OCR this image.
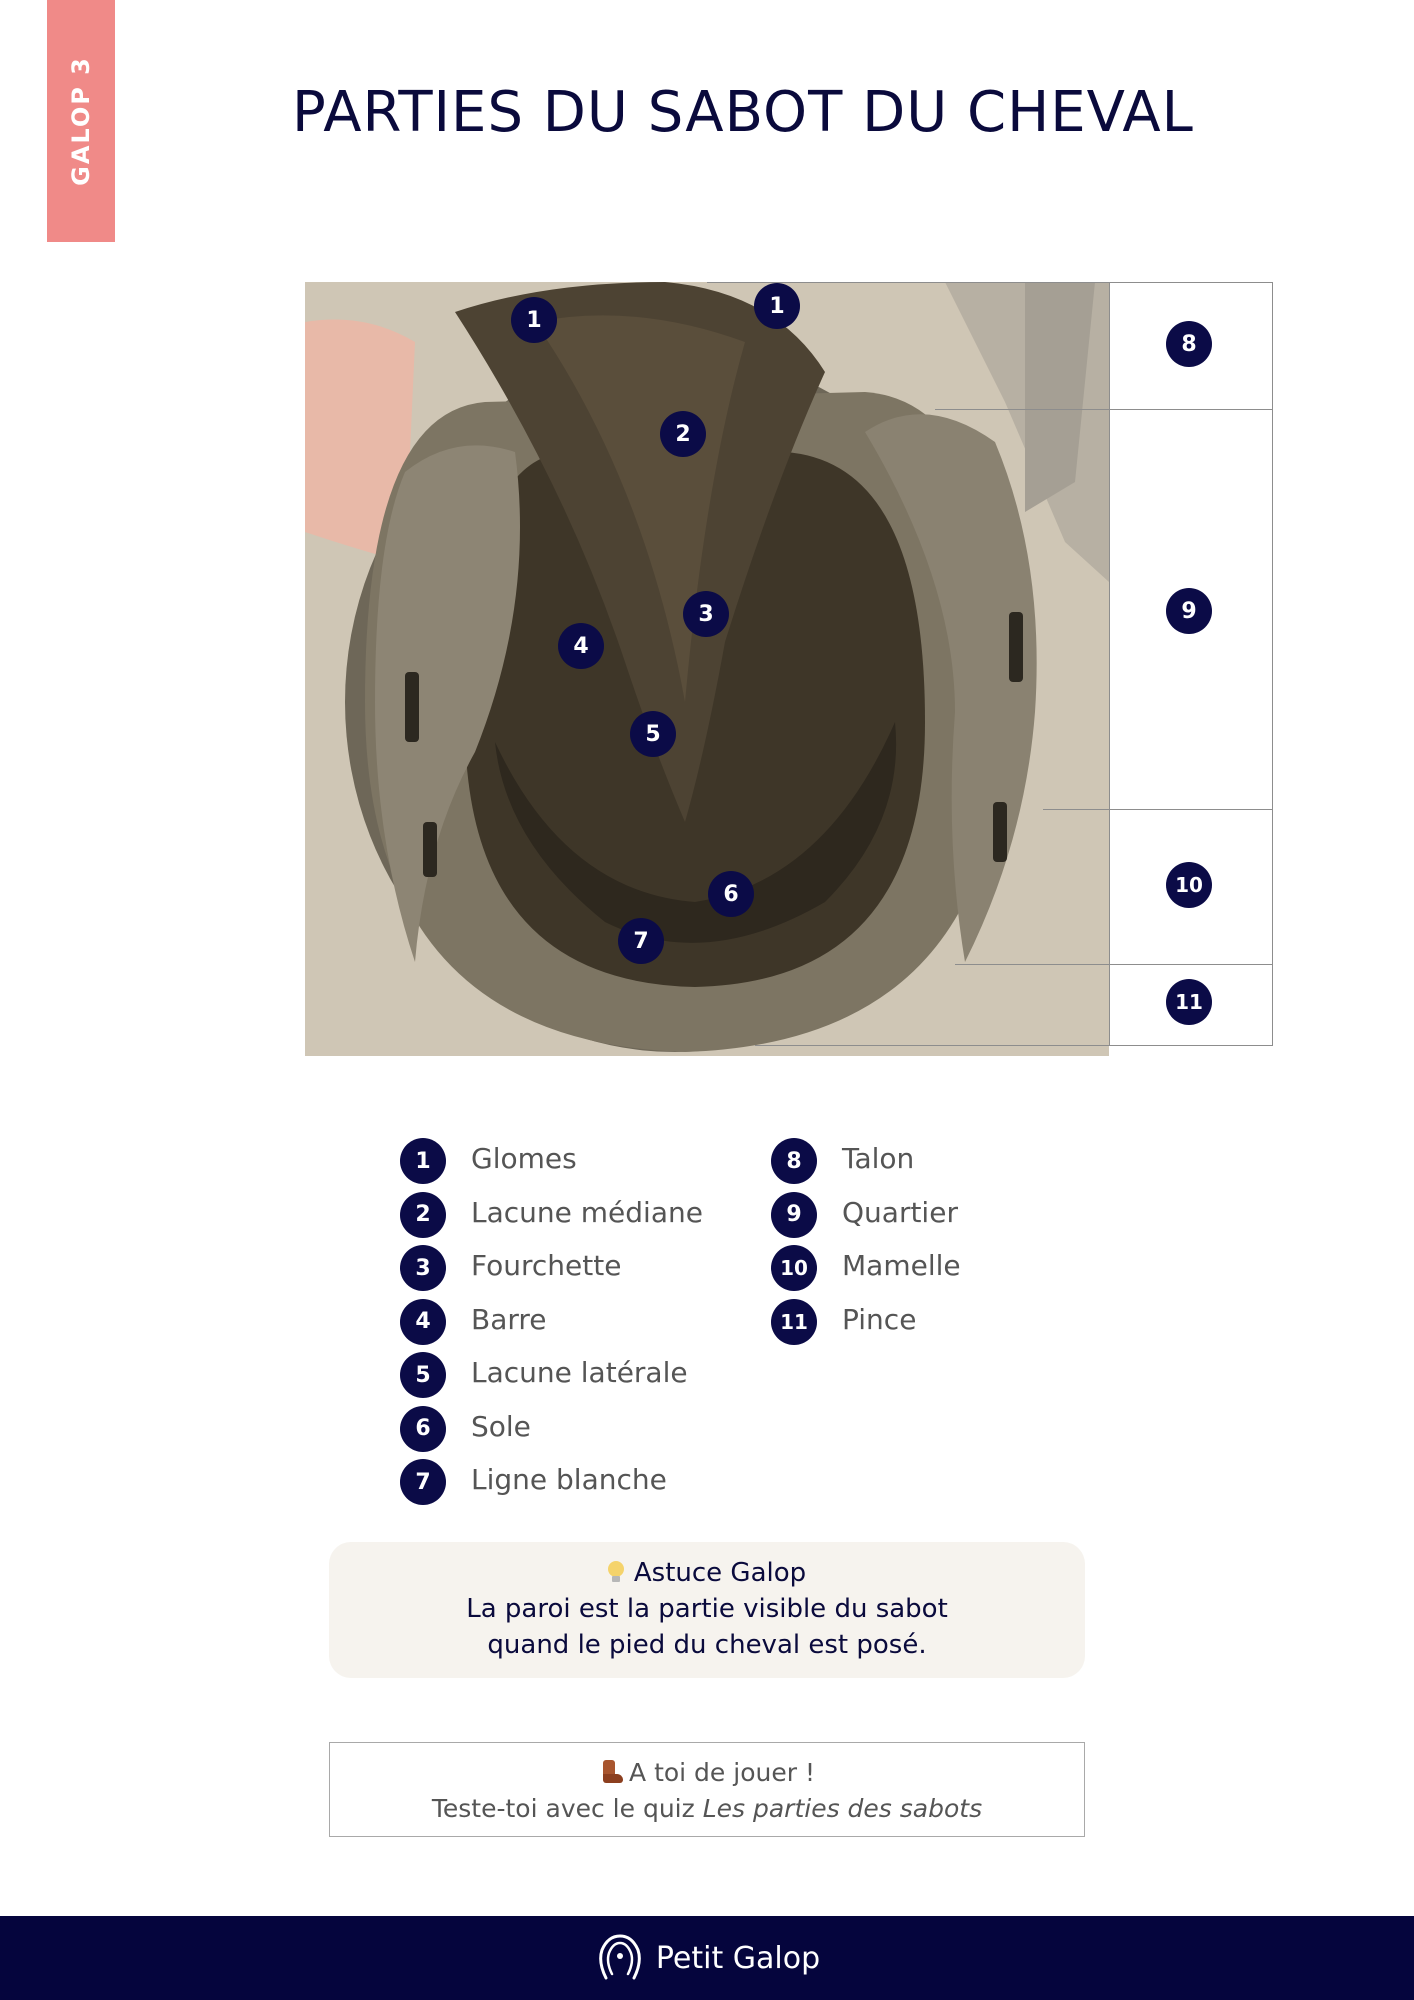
GALOP 3	PARTIES DU SABOT DU CHEVAL
1
1
2
3
4
5
6
7
8
9
10
11
1	Glomes
2	Lacune médiane
3	Fourchette
4	Barre
5	Lacune latérale
6	Sole
7	Ligne blanche
8	Talon
9	Quartier
10	Mamelle
11	Pince
Astuce Galop
La paroi est la partie visible du sabot
quand le pied du cheval est posé.
A toi de jouer !
Teste-toi avec le quiz Les parties des sabots
Petit Galop
